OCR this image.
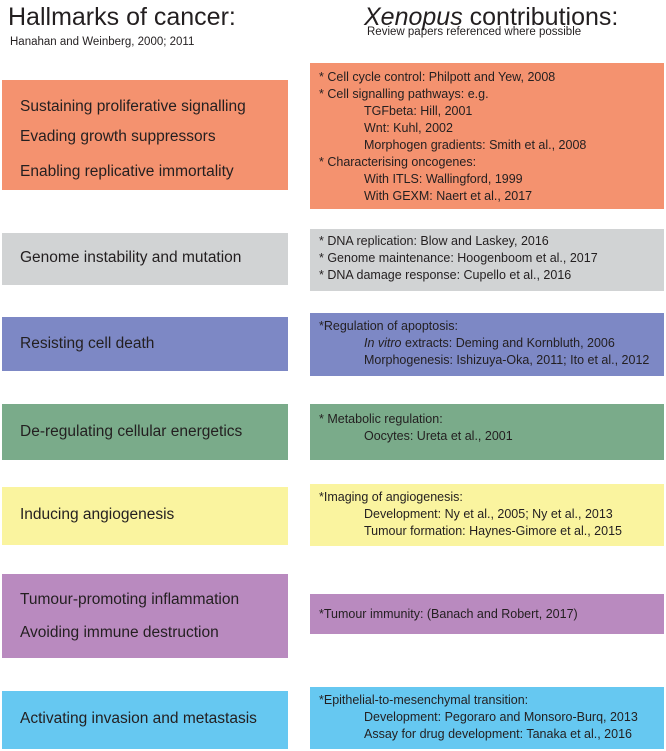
Hallmarks of cancer:
Hanahan and Weinberg, 2000; 2011
Xenopus contributions:
Review papers referenced where possible
Sustaining proliferative signalling
Evading growth suppressors
Enabling replicative immortality
* Cell cycle control: Philpott and Yew, 2008
* Cell signalling pathways: e.g.
TGFbeta: Hill, 2001
Wnt: Kuhl, 2002
Morphogen gradients: Smith et al., 2008
* Characterising oncogenes:
With ITLS: Wallingford, 1999
With GEXM: Naert et al., 2017
Genome instability and mutation
* DNA replication: Blow and Laskey, 2016
* Genome maintenance: Hoogenboom et al., 2017
* DNA damage response: Cupello et al., 2016
Resisting cell death
*Regulation of apoptosis:
In vitro extracts: Deming and Kornbluth, 2006
Morphogenesis: Ishizuya-Oka, 2011; Ito et al., 2012
De-regulating cellular energetics
* Metabolic regulation:
Oocytes: Ureta et al., 2001
Inducing angiogenesis
*Imaging of angiogenesis:
Development: Ny et al., 2005; Ny et al., 2013
Tumour formation: Haynes-Gimore et al., 2015
Tumour-promoting inflammation
Avoiding immune destruction
*Tumour immunity: (Banach and Robert, 2017)
Activating invasion and metastasis
*Epithelial-to-mesenchymal transition:
Development: Pegoraro and Monsoro-Burq, 2013
Assay for drug development: Tanaka et al., 2016
